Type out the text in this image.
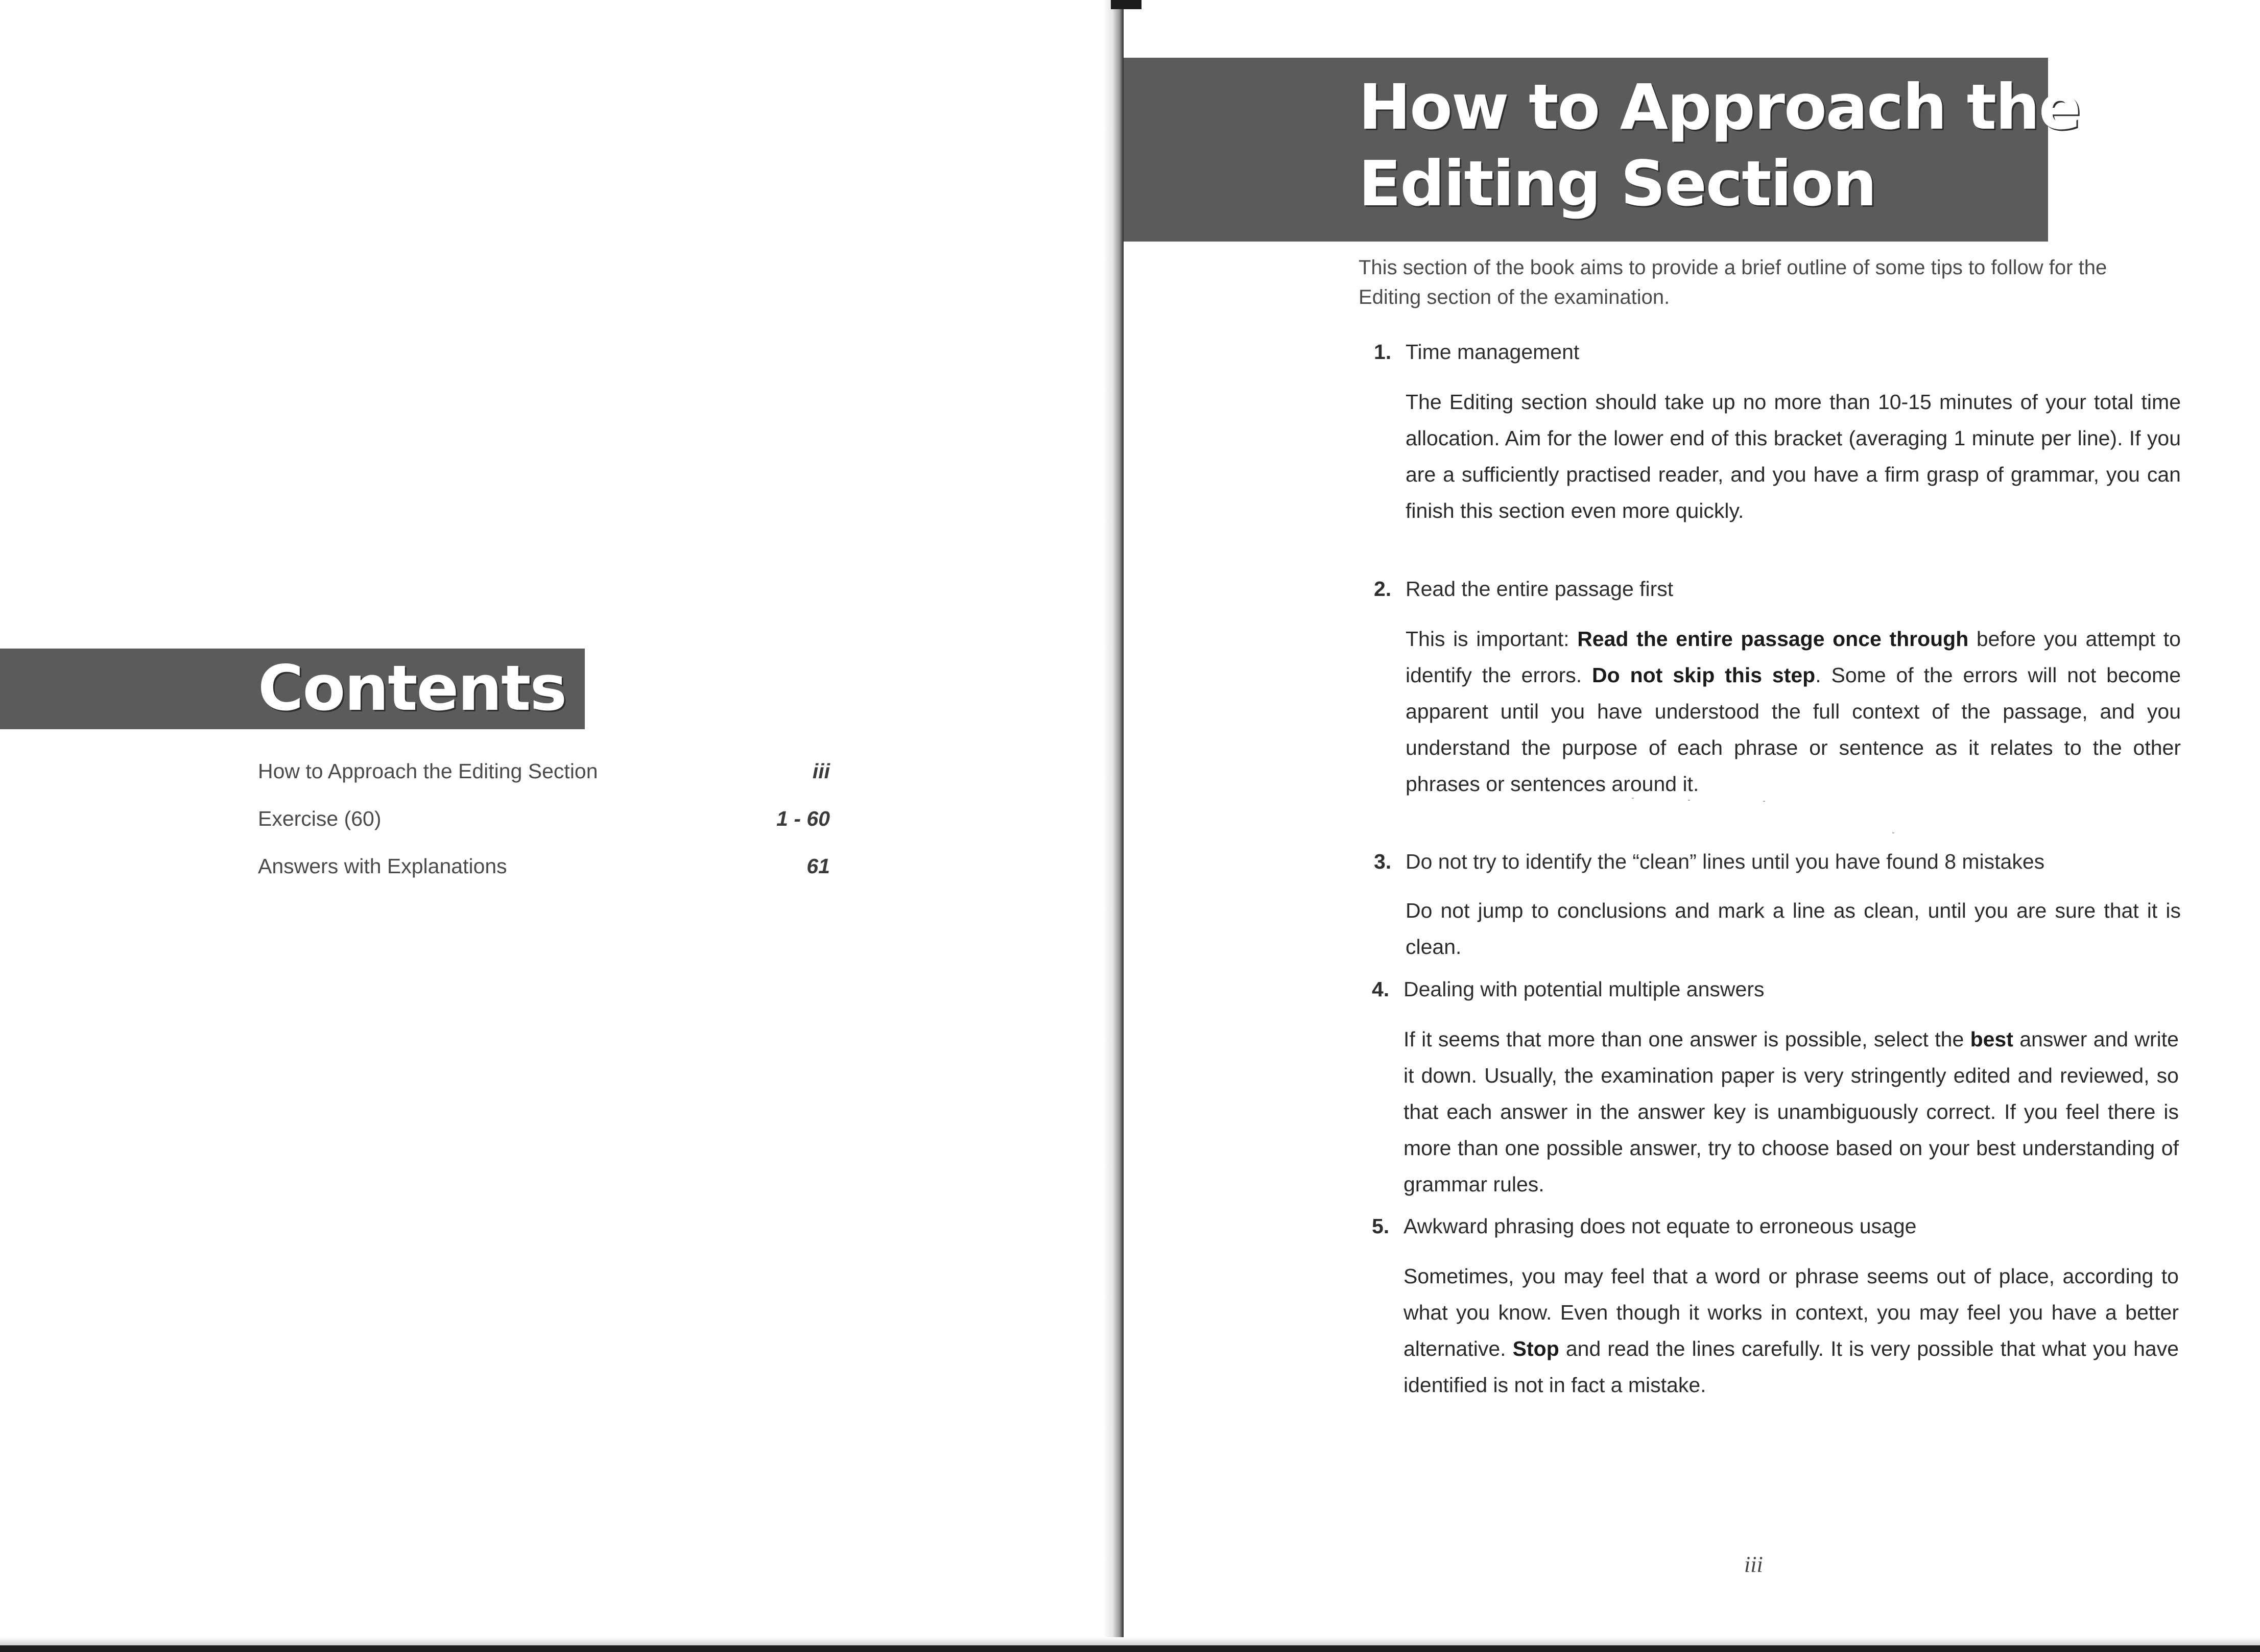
Contents
How to Approach the Editing Section	iii
Exercise (60)	1 - 60
Answers with Explanations	61
How to Approach the
Editing Section
This section of the book aims to provide a brief outline of some tips to follow for the Editing section of the examination.
1. Time management
The Editing section should take up no more than 10-15 minutes of your total time allocation. Aim for the lower end of this bracket (averaging 1 minute per line). If you are a sufficiently practised reader, and you have a firm grasp of grammar, you can finish this section even more quickly.
2. Read the entire passage first
This is important: Read the entire passage once through before you attempt to identify the errors. Do not skip this step. Some of the errors will not become apparent until you have understood the full context of the passage, and you understand the purpose of each phrase or sentence as it relates to the other phrases or sentences around it.
3. Do not try to identify the “clean” lines until you have found 8 mistakes
Do not jump to conclusions and mark a line as clean, until you are sure that it is clean.
4. Dealing with potential multiple answers
If it seems that more than one answer is possible, select the best answer and write it down. Usually, the examination paper is very stringently edited and reviewed, so that each answer in the answer key is unambiguously correct. If you feel there is more than one possible answer, try to choose based on your best understanding of grammar rules.
5. Awkward phrasing does not equate to erroneous usage
Sometimes, you may feel that a word or phrase seems out of place, according to what you know. Even though it works in context, you may feel you have a better alternative. Stop and read the lines carefully. It is very possible that what you have identified is not in fact a mistake.
iii
